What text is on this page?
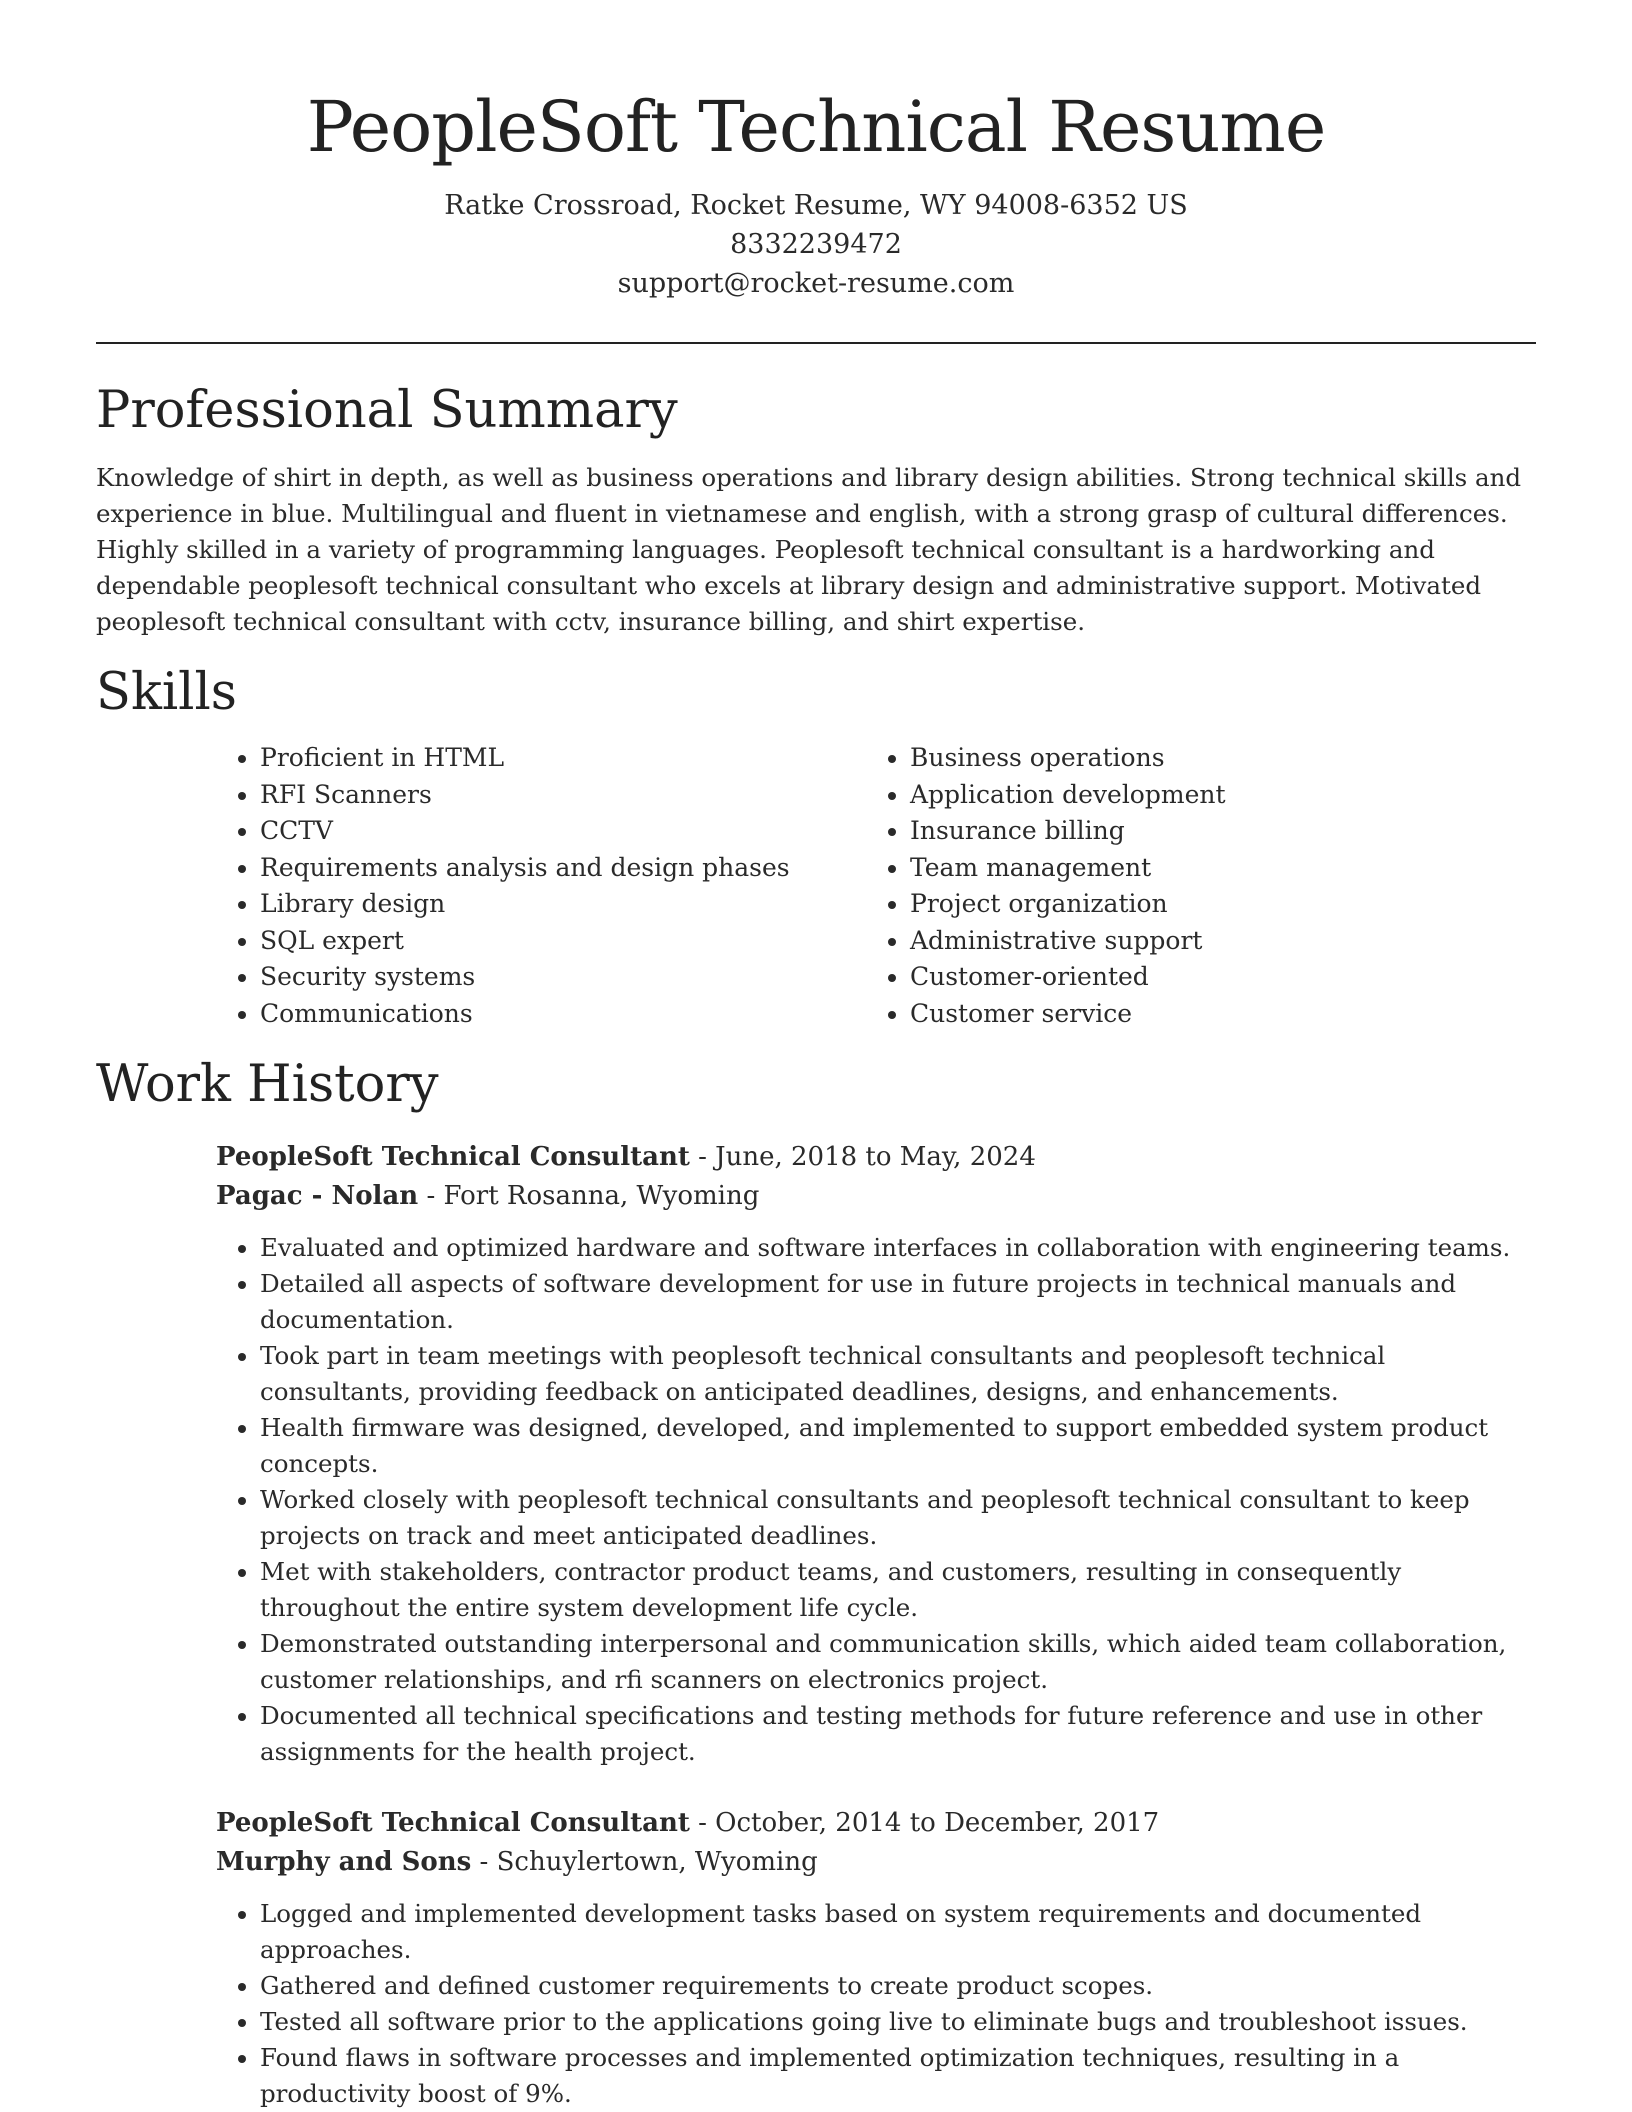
PeopleSoft Technical Resume
Ratke Crossroad, Rocket Resume, WY 94008-6352 US
8332239472
support@rocket-resume.com
Professional Summary

Knowledge of shirt in depth, as well as business operations and library design abilities. Strong technical skills and experience in blue. Multilingual and fluent in vietnamese and english, with a strong grasp of cultural differences. Highly skilled in a variety of programming languages. Peoplesoft technical consultant is a hardworking and dependable peoplesoft technical consultant who excels at library design and administrative support. Motivated peoplesoft technical consultant with cctv, insurance billing, and shirt expertise.

Skills
• Proficient in HTML
• RFI Scanners
• CCTV
• Requirements analysis and design phases
• Library design
• SQL expert
• Security systems
• Communications
• Business operations
• Application development
• Insurance billing
• Team management
• Project organization
• Administrative support
• Customer-oriented
• Customer service
Work History
PeopleSoft Technical Consultant - June, 2018 to May, 2024
Pagac - Nolan - Fort Rosanna, Wyoming
• Evaluated and optimized hardware and software interfaces in collaboration with engineering teams.
• Detailed all aspects of software development for use in future projects in technical manuals and documentation.
• Took part in team meetings with peoplesoft technical consultants and peoplesoft technical consultants, providing feedback on anticipated deadlines, designs, and enhancements.
• Health firmware was designed, developed, and implemented to support embedded system product concepts.
• Worked closely with peoplesoft technical consultants and peoplesoft technical consultant to keep projects on track and meet anticipated deadlines.
• Met with stakeholders, contractor product teams, and customers, resulting in consequently throughout the entire system development life cycle.
• Demonstrated outstanding interpersonal and communication skills, which aided team collaboration, customer relationships, and rfi scanners on electronics project.
• Documented all technical specifications and testing methods for future reference and use in other assignments for the health project.
PeopleSoft Technical Consultant - October, 2014 to December, 2017
Murphy and Sons - Schuylertown, Wyoming
• Logged and implemented development tasks based on system requirements and documented approaches.
• Gathered and defined customer requirements to create product scopes.
• Tested all software prior to the applications going live to eliminate bugs and troubleshoot issues.
• Found flaws in software processes and implemented optimization techniques, resulting in a productivity boost of 9%.
